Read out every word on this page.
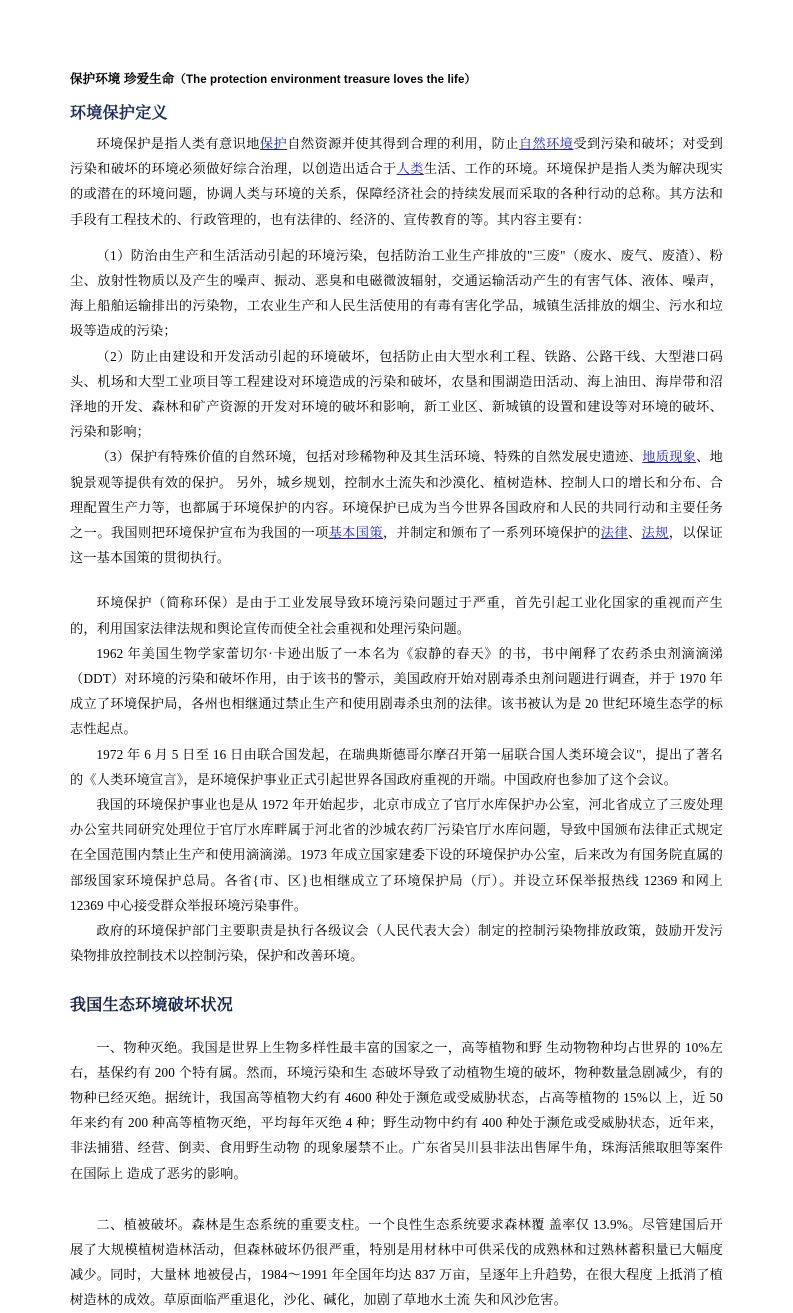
保护环境 珍爱生命（The protection environment treasure loves the life）
环境保护定义

环境保护是指人类有意识地保护自然资源并使其得到合理的利用，防止自然环境受到污染和破坏；对受到污染和破坏的环境必须做好综合治理，以创造出适合于人类生活、工作的环境。环境保护是指人类为解决现实的或潜在的环境问题，协调人类与环境的关系，保障经济社会的持续发展而采取的各种行动的总称。其方法和手段有工程技术的、行政管理的，也有法律的、经济的、宣传教育的等。其内容主要有：

（1）防治由生产和生活活动引起的环境污染，包括防治工业生产排放的"三废"（废水、废气、废渣）、粉尘、放射性物质以及产生的噪声、振动、恶臭和电磁微波辐射，交通运输活动产生的有害气体、液体、噪声，海上船舶运输排出的污染物，工农业生产和人民生活使用的有毒有害化学品，城镇生活排放的烟尘、污水和垃圾等造成的污染；

（2）防止由建设和开发活动引起的环境破坏，包括防止由大型水利工程、铁路、公路干线、大型港口码头、机场和大型工业项目等工程建设对环境造成的污染和破坏，农垦和围湖造田活动、海上油田、海岸带和沼泽地的开发、森林和矿产资源的开发对环境的破坏和影响，新工业区、新城镇的设置和建设等对环境的破坏、污染和影响；

（3）保护有特殊价值的自然环境，包括对珍稀物种及其生活环境、特殊的自然发展史遗迹、地质现象、地貌景观等提供有效的保护。 另外，城乡规划，控制水土流失和沙漠化、植树造林、控制人口的增长和分布、合理配置生产力等，也都属于环境保护的内容。环境保护已成为当今世界各国政府和人民的共同行动和主要任务之一。我国则把环境保护宣布为我国的一项基本国策，并制定和颁布了一系列环境保护的法律、法规，以保证这一基本国策的贯彻执行。

环境保护（简称环保）是由于工业发展导致环境污染问题过于严重，首先引起工业化国家的重视而产生的，利用国家法律法规和舆论宣传而使全社会重视和处理污染问题。

1962 年美国生物学家蕾切尔·卡逊出版了一本名为《寂静的春天》的书，书中阐释了农药杀虫剂滴滴涕（DDT）对环境的污染和破坏作用，由于该书的警示，美国政府开始对剧毒杀虫剂问题进行调查，并于 1970 年成立了环境保护局，各州也相继通过禁止生产和使用剧毒杀虫剂的法律。该书被认为是 20 世纪环境生态学的标志性起点。

1972 年 6 月 5 日至 16 日由联合国发起，在瑞典斯德哥尔摩召开第一届联合国人类环境会议"，提出了著名的《人类环境宣言》，是环境保护事业正式引起世界各国政府重视的开端。中国政府也参加了这个会议。

我国的环境保护事业也是从 1972 年开始起步，北京市成立了官厅水库保护办公室，河北省成立了三废处理办公室共同研究处理位于官厅水库畔属于河北省的沙城农药厂污染官厅水库问题，导致中国颁布法律正式规定在全国范围内禁止生产和使用滴滴涕。1973 年成立国家建委下设的环境保护办公室，后来改为有国务院直属的部级国家环境保护总局。各省{市、区}也相继成立了环境保护局（厅）。并设立环保举报热线 12369 和网上 12369 中心接受群众举报环境污染事件。

政府的环境保护部门主要职责是执行各级议会（人民代表大会）制定的控制污染物排放政策，鼓励开发污染物排放控制技术以控制污染，保护和改善环境。

我国生态环境破坏状况

一、物种灭绝。我国是世界上生物多样性最丰富的国家之一，高等植物和野 生动物物种均占世界的 10%左右，基保约有 200 个特有属。然而，环境污染和生 态破坏导致了动植物生境的破坏，物种数量急剧减少，有的物种已经灭绝。据统计，我国高等植物大约有 4600 种处于濒危或受威胁状态，占高等植物的 15%以 上，近 50 年来约有 200 种高等植物灭绝，平均每年灭绝 4 种；野生动物中约有 400 种处于濒危或受威胁状态，近年来，非法捕猎、经营、倒卖、食用野生动物 的现象屡禁不止。广东省吴川县非法出售犀牛角，珠海活熊取胆等案件在国际上 造成了恶劣的影响。

二、植被破坏。森林是生态系统的重要支柱。一个良性生态系统要求森林覆 盖率仅 13.9%。尽管建国后开展了大规模植树造林活动，但森林破坏仍很严重，特别是用材林中可供采伐的成熟林和过熟林蓄积量已大幅度减少。同时，大量林 地被侵占，1984～1991 年全国年均达 837 万亩，呈逐年上升趋势，在很大程度 上抵消了植树造林的成效。草原面临严重退化，沙化、碱化，加剧了草地水土流 失和风沙危害。
